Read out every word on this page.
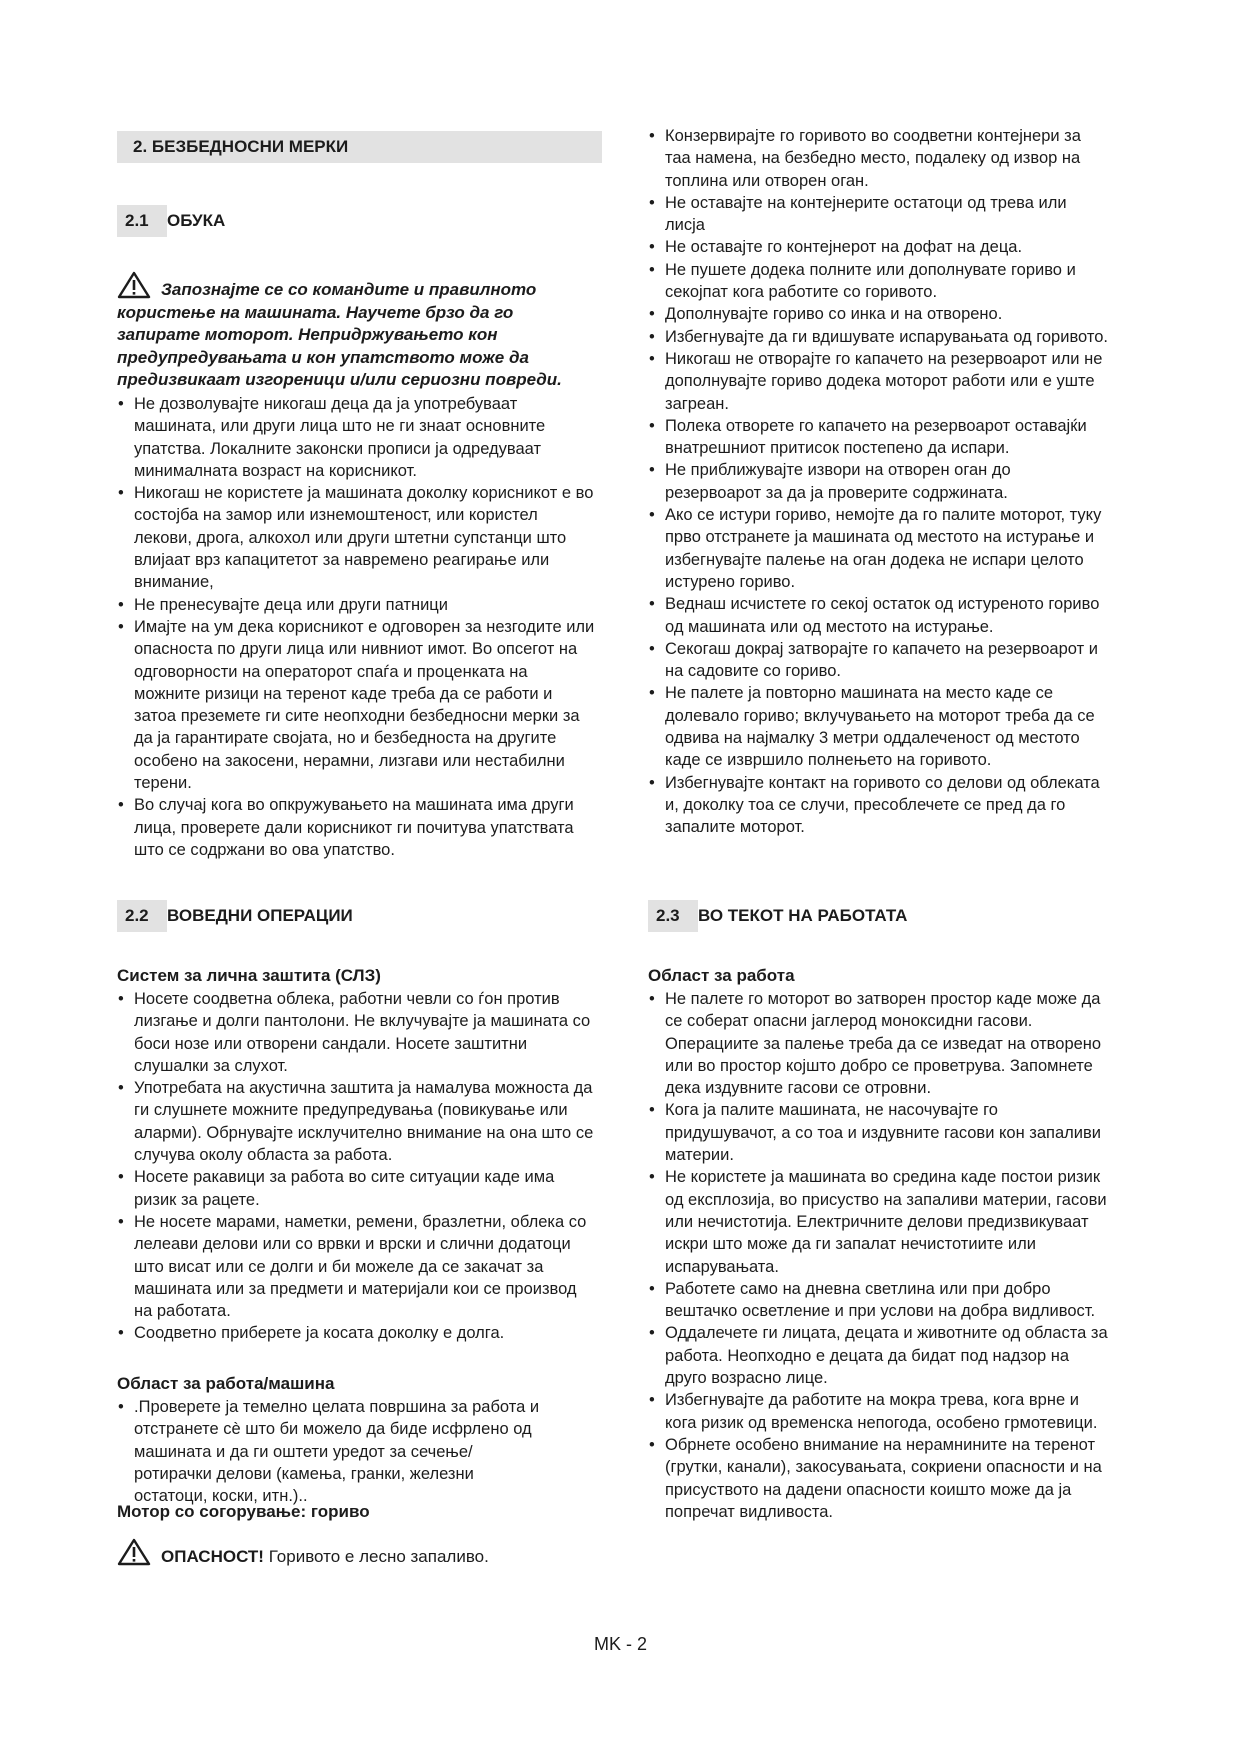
2. БЕЗБЕДНОСНИ МЕРКИ
2.1 ОБУКА
Запознајте се со командите и правилното
користење на машината. Научете брзо да го
запирате моторот. Непридржувањето кон
предупредувањата и кон упатството може да
предизвикаат изгореници и/или сериозни повреди.
• Не дозволувајте никогаш деца да ја употребуваат машината, или други лица што не ги знаат основните упатства. Локалните законски прописи ја одредуваат минималната возраст на корисникот.
• Никогаш не користете ја машината доколку корисникот е во состојба на замор или изнемоштеност, или користел лекови, дрога, алкохол или други штетни супстанци што влијаат врз капацитетот за навремено реагирање или внимание,
• Не пренесувајте деца или други патници
• Имајте на ум дека корисникот е одговорен за незгодите или опасноста по други лица или нивниот имот. Во опсегот на одговорности на операторот спаѓа и проценката на можните ризици на теренот каде треба да се работи и затоа преземете ги сите неопходни безбедносни мерки за да ја гарантирате својата, но и безбедноста на другите особено на закосени, нерамни, лизгави или нестабилни терени.
• Во случај кога во опкружувањето на машината има други лица, проверете дали корисникот ги почитува упатствата што се содржани во ова упатство.
2.2 ВОВЕДНИ ОПЕРАЦИИ
Систем за лична заштита (СЛЗ)
• Носете соодветна облека, работни чевли со ѓон против лизгање и долги пантолони. Не вклучувајте ја машината со боси нозе или отворени сандали. Носете заштитни слушалки за слухот.
• Употребата на акустична заштита ја намалува можноста да ги слушнете можните предупредувања (повикување или аларми). Обрнувајте исклучително внимание на она што се случува околу областа за работа.
• Носете ракавици за работа во сите ситуации каде има ризик за рацете.
• Не носете марами, наметки, ремени, бразлетни, облека со лелеави делови или со врвки и врски и слични додатоци што висат или се долги и би можеле да се закачат за машината или за предмети и материјали кои се производ на работата.
• Соодветно приберете ја косата доколку е долга.
Област за работа/машина
• .Проверете ја темелно целата површина за работа и отстранете сè што би можело да биде исфрлено од машината и да ги оштети уредот за сечење/ротирачки делови (камења, гранки, железни остатоци, коски, итн.)..
Мотор со согорување: гориво
ОПАСНОСТ! Горивото е лесно запаливо.
• Конзервирајте го горивото во соодветни контејнери за таа намена, на безбедно место, подалеку од извор на топлина или отворен оган.
• Не оставајте на контејнерите остатоци од трева или лисја
• Не оставајте го контејнерот на дофат на деца.
• Не пушете додека полните или дополнувате гориво и секојпат кога работите со горивото.
• Дополнувајте гориво со инка и на отворено.
• Избегнувајте да ги вдишувате испарувањата од горивото.
• Никогаш не отворајте го капачето на резервоарот или не дополнувајте гориво додека моторот работи или е уште загреан.
• Полека отворете го капачето на резервоарот оставајќи внатрешниот притисок постепено да испари.
• Не приближувајте извори на отворен оган до резервоарот за да ја проверите содржината.
• Ако се истури гориво, немојте да го палите моторот, туку прво отстранете ја машината од местото на истурање и избегнувајте палење на оган додека не испари целото истурено гориво.
• Веднаш исчистете го секој остаток од истуреното гориво од машината или од местото на истурање.
• Секогаш докрај затворајте го капачето на резервоарот и на садовите со гориво.
• Не палете ја повторно машината на место каде се долевало гориво; вклучувањето на моторот треба да се одвива на најмалку 3 метри оддалеченост од местото каде се извршило полнењето на горивото.
• Избегнувајте контакт на горивото со делови од облеката и, доколку тоа се случи, пресоблечете се пред да го запалите моторот.
2.3 ВО ТЕКОТ НА РАБОТАТА
Област за работа
• Не палете го моторот во затворен простор каде може да се соберат опасни јаглерод моноксидни гасови. Операциите за палење треба да се изведат на отворено или во простор којшто добро се проветрува. Запомнете дека издувните гасови се отровни.
• Кога ја палите машината, не насочувајте го придушувачот, а со тоа и издувните гасови кон запаливи материи.
• Не користете ја машината во средина каде постои ризик од експлозија, во присуство на запаливи материи, гасови или нечистотија. Електричните делови предизвикуваат искри што може да ги запалат нечистотиите или испарувањата.
• Работете само на дневна светлина или при добро вештачко осветление и при услови на добра видливост.
• Оддалечете ги лицата, децата и животните од областа за работа. Неопходно е децата да бидат под надзор на друго возрасно лице.
• Избегнувајте да работите на мокра трева, кога врне и кога ризик од временска непогода, особено грмотевици.
• Обрнете особено внимание на нерамнините на теренот (грутки, канали), закосувањата, сокриени опасности и на присуството на дадени опасности коишто може да ја попречат видливоста.
MK - 2
